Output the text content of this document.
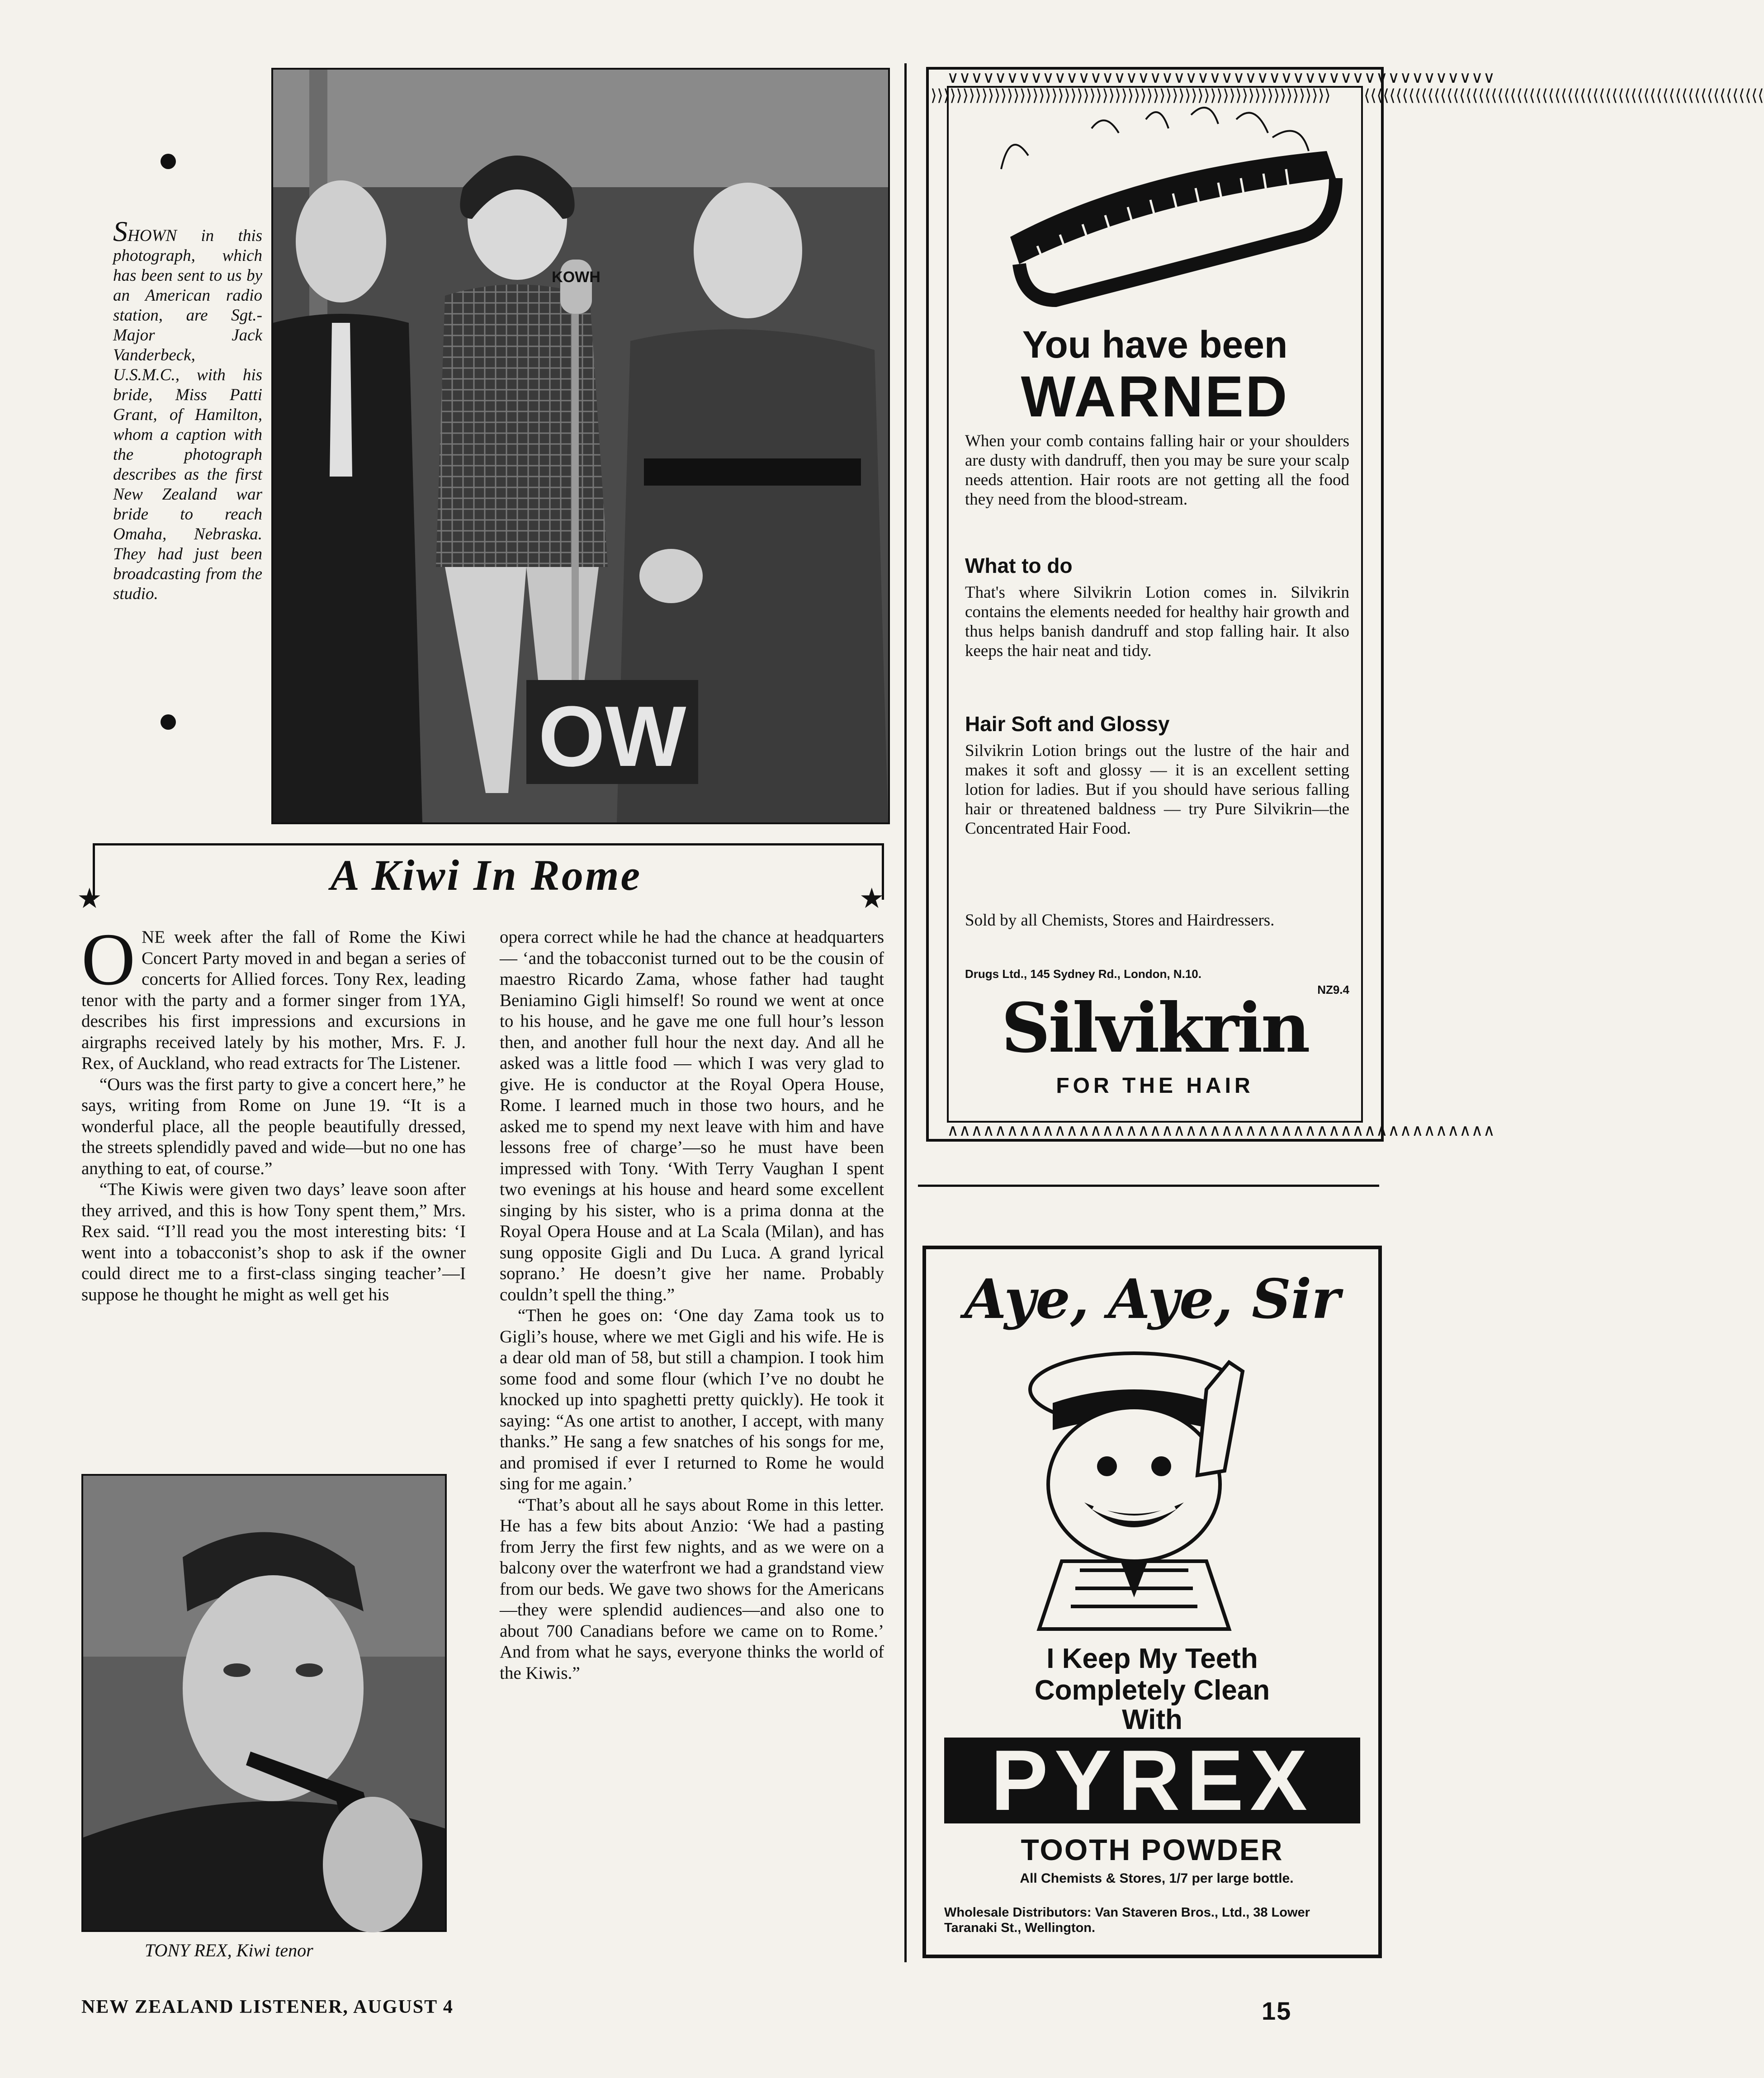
OW
KOWH
SHOWN in this photograph, which has been sent to us by an American radio station, are Sgt.-Major Jack Vanderbeck, U.S.M.C., with his bride, Miss Patti Grant, of Hamilton, whom a caption with the photograph describes as the first New Zealand war bride to reach Omaha, Nebraska. They had just been broadcasting from the studio.
★	★
A Kiwi In Rome

ONE week after the fall of Rome the Kiwi Concert Party moved in and began a series of concerts for Allied forces. Tony Rex, leading tenor with the party and a former singer from 1YA, describes his first impressions and excursions in airgraphs received lately by his mother, Mrs. F. J. Rex, of Auckland, who read extracts for The Listener.

“Ours was the first party to give a concert here,” he says, writing from Rome on June 19. “It is a wonderful place, all the people beautifully dressed, the streets splendidly paved and wide—but no one has anything to eat, of course.”

“The Kiwis were given two days’ leave soon after they arrived, and this is how Tony spent them,” Mrs. Rex said. “I’ll read you the most interesting bits: ‘I went into a tobacconist’s shop to ask if the owner could direct me to a first-class singing teacher’—I suppose he thought he might as well get his

TONY REX, Kiwi tenor

opera correct while he had the chance at headquarters — ‘and the tobacconist turned out to be the cousin of maestro Ricardo Zama, whose father had taught Beniamino Gigli himself! So round we went at once to his house, and he gave me one full hour’s lesson then, and another full hour the next day. And all he asked was a little food — which I was very glad to give. He is conductor at the Royal Opera House, Rome. I learned much in those two hours, and he asked me to spend my next leave with him and have lessons free of charge’—so he must have been impressed with Tony. ‘With Terry Vaughan I spent two evenings at his house and heard some excellent singing by his sister, who is a prima donna at the Royal Opera House and at La Scala (Milan), and has sung opposite Gigli and Du Luca. A grand lyrical soprano.’ He doesn’t give her name. Probably couldn’t spell the thing.”

“Then he goes on: ‘One day Zama took us to Gigli’s house, where we met Gigli and his wife. He is a dear old man of 58, but still a champion. I took him some food and some flour (which I’ve no doubt he knocked up into spaghetti pretty quickly). He took it saying: “As one artist to another, I accept, with many thanks.” He sang a few snatches of his songs for me, and promised if ever I returned to Rome he would sing for me again.’

“That’s about all he says about Rome in this letter. He has a few bits about Anzio: ‘We had a pasting from Jerry the first few nights, and as we were on a balcony over the waterfront we had a grandstand view from our beds. We gave two shows for the Americans—they were splendid audiences—and also one to about 700 Canadians before we came on to Rome.’ And from what he says, everyone thinks the world of the Kiwis.”

NEW ZEALAND LISTENER, AUGUST 4	15
∨∨∨∨∨∨∨∨∨∨∨∨∨∨∨∨∨∨∨∨∨∨∨∨∨∨∨∨∨∨∨∨∨∨∨∨∨∨∨∨∨∨∨∨∨∨
∧∧∧∧∧∧∧∧∧∧∧∧∧∧∧∧∧∧∧∧∧∧∧∧∧∧∧∧∧∧∧∧∧∧∧∧∧∧∧∧∧∧∧∧∧∧
⟩⟩⟩⟩⟩⟩⟩⟩⟩⟩⟩⟩⟩⟩⟩⟩⟩⟩⟩⟩⟩⟩⟩⟩⟩⟩⟩⟩⟩⟩⟩⟩⟩⟩⟩⟩⟩⟩⟩⟩⟩⟩⟩⟩⟩⟩⟩⟩⟩⟩⟩⟩⟩⟩⟩⟩⟩⟩⟩⟩⟩⟩⟩ ⟨⟨⟨⟨⟨⟨⟨⟨⟨⟨⟨⟨⟨⟨⟨⟨⟨⟨⟨⟨⟨⟨⟨⟨⟨⟨⟨⟨⟨⟨⟨⟨⟨⟨⟨⟨⟨⟨⟨⟨⟨⟨⟨⟨⟨⟨⟨⟨⟨⟨⟨⟨⟨⟨⟨⟨⟨⟨⟨⟨⟨⟨⟨
You have been
WARNED
When your comb contains falling hair or your shoulders are dusty with dandruff, then you may be sure your scalp needs attention. Hair roots are not getting all the food they need from the blood-stream.
What to do
That's where Silvikrin Lotion comes in. Silvikrin contains the elements needed for healthy hair growth and thus helps banish dandruff and stop falling hair. It also keeps the hair neat and tidy.
Hair Soft and Glossy
Silvikrin Lotion brings out the lustre of the hair and makes it soft and glossy — it is an excellent setting lotion for ladies. But if you should have serious falling hair or threatened baldness — try Pure Silvikrin—the Concentrated Hair Food.
Sold by all Chemists, Stores and Hairdressers.
Drugs Ltd., 145 Sydney Rd., London, N.10.
NZ9.4
Silvikrin
FOR THE HAIR
Aye, Aye, Sir
I Keep My Teeth
Completely Clean
With
PYREX
TOOTH POWDER
All Chemists & Stores, 1/7 per large bottle.
Wholesale Distributors: Van Staveren Bros., Ltd., 38 Lower Taranaki St., Wellington.
